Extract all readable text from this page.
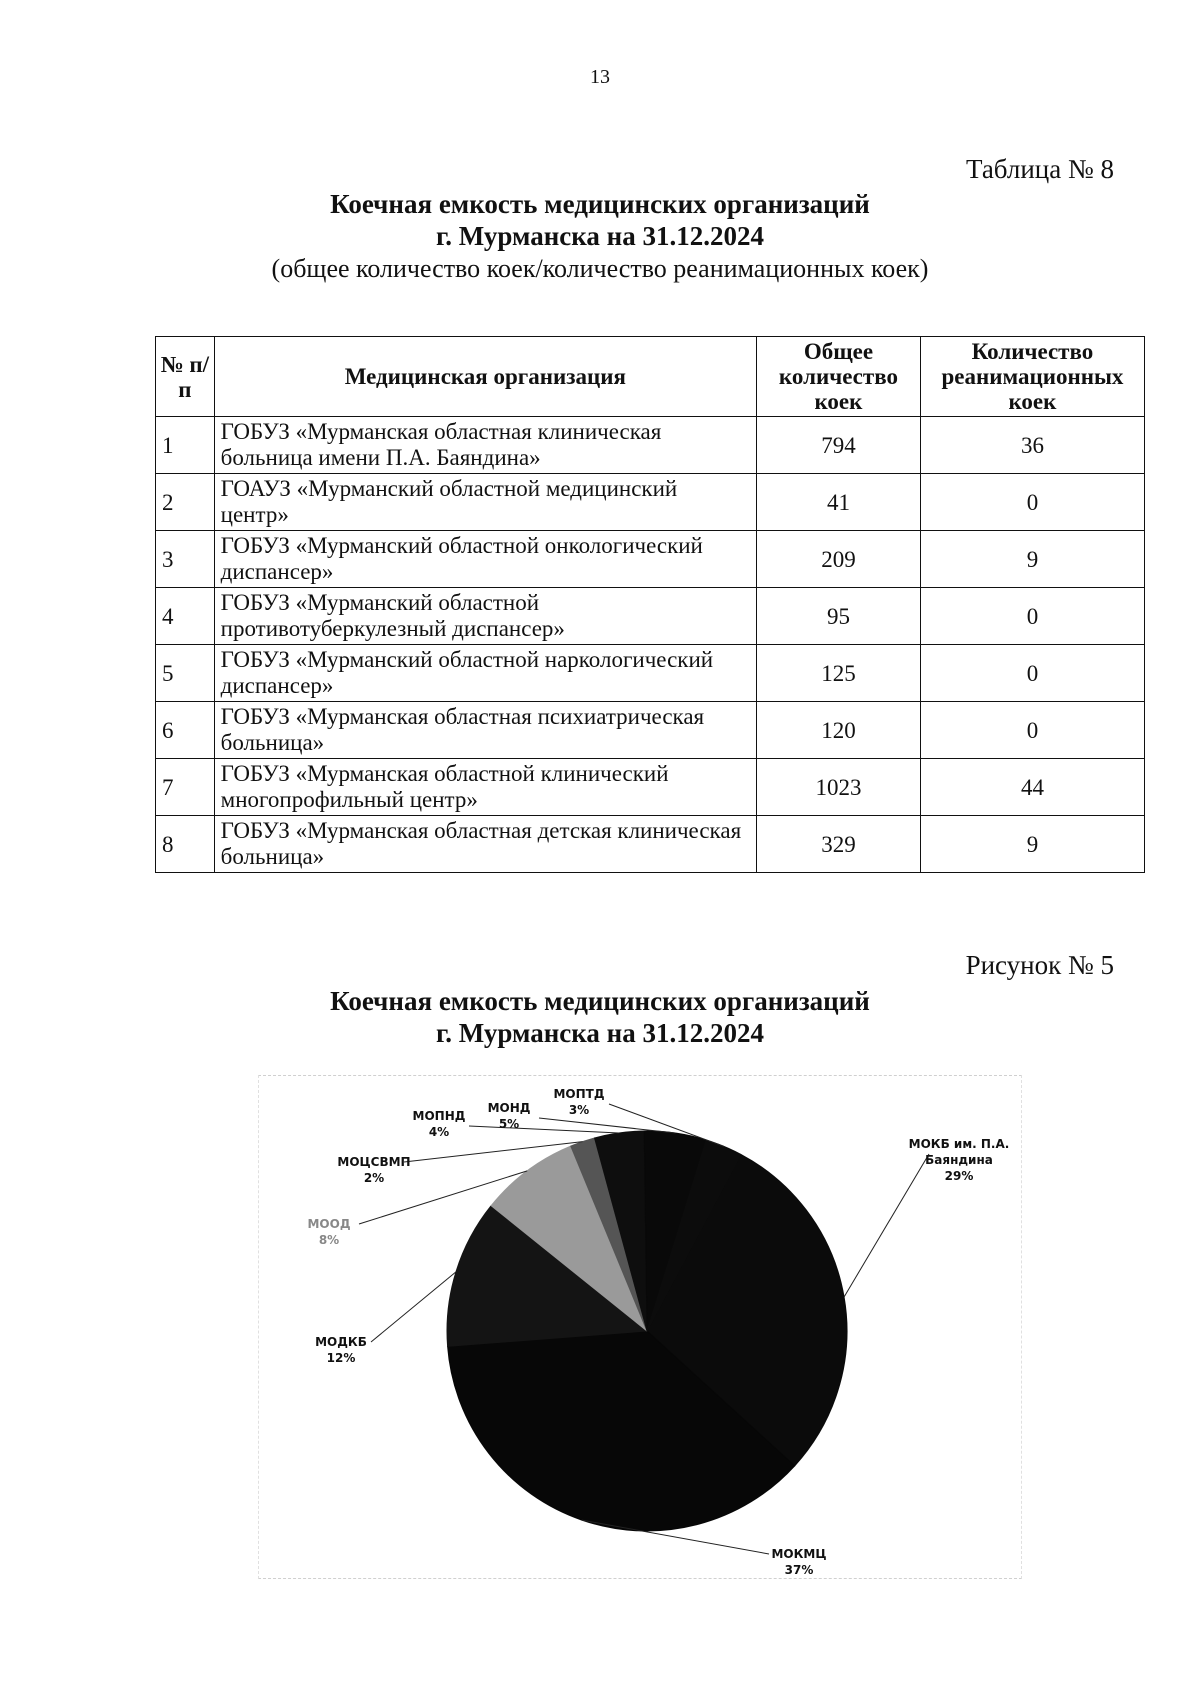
13
Таблица № 8
Коечная емкость медицинских организаций
г. Мурманска на 31.12.2024
(общее количество коек/количество реанимационных коек)
№ п/п	Медицинская организация	Общее количество коек	Количество реанимационных коек
1	ГОБУЗ «Мурманская областная клиническая больница имени П.А. Баяндина»	794	36
2	ГОАУЗ «Мурманский областной медицинский центр»	41	0
3	ГОБУЗ «Мурманский областной онкологический диспансер»	209	9
4	ГОБУЗ «Мурманский областной противотуберкулезный диспансер»	95	0
5	ГОБУЗ «Мурманский областной наркологический диспансер»	125	0
6	ГОБУЗ «Мурманская областная психиатрическая больница»	120	0
7	ГОБУЗ «Мурманская областной клинический многопрофильный центр»	1023	44
8	ГОБУЗ «Мурманская областная детская клиническая больница»	329	9
Рисунок № 5
Коечная емкость медицинских организаций
г. Мурманска на 31.12.2024
МОКБ им. П.А. Баяндина 29%
МОКМЦ 37%
МОДКБ 12%
МООД 8%
МОЦСВМП 2%
МОПНД 4%
МОНД 5%
МОПТД 3%
